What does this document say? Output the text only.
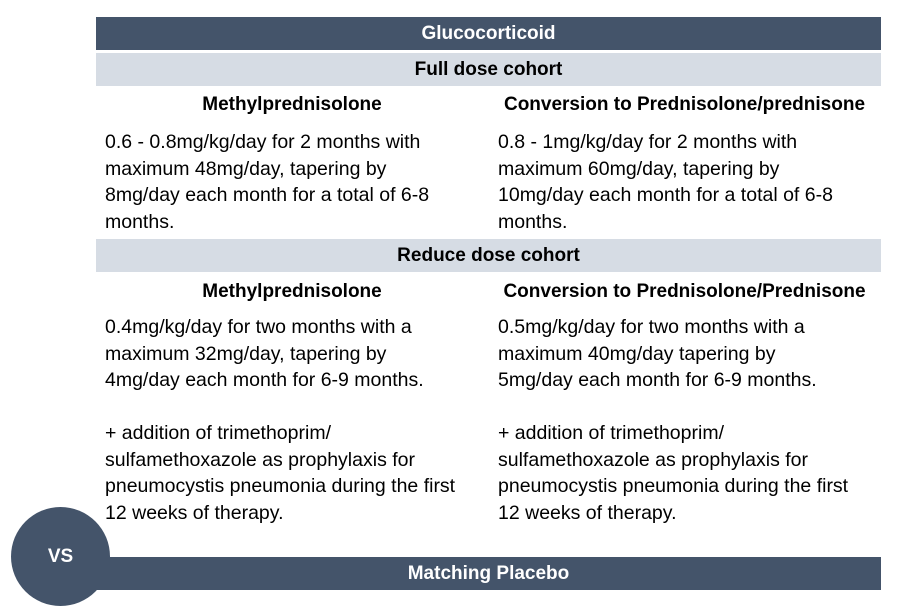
Glucocorticoid
Full dose cohort
Methylprednisolone	Conversion to Prednisolone/prednisone
0.6 - 0.8mg/kg/day for 2 months with
maximum 48mg/day, tapering by
8mg/day each month for a total of 6-8
months.
0.8 - 1mg/kg/day for 2 months with
maximum 60mg/day, tapering by
10mg/day each month for a total of 6-8
months.
Reduce dose cohort
Methylprednisolone	Conversion to Prednisolone/Prednisone
0.4mg/kg/day for two months with a
maximum 32mg/day, tapering by
4mg/day each month for 6-9 months.

+ addition of trimethoprim/
sulfamethoxazole as prophylaxis for
pneumocystis pneumonia during the first
12 weeks of therapy.
0.5mg/kg/day for two months with a
maximum 40mg/day tapering by
5mg/day each month for 6-9 months.

+ addition of trimethoprim/
sulfamethoxazole as prophylaxis for
pneumocystis pneumonia during the first
12 weeks of therapy.
Matching Placebo
VS
